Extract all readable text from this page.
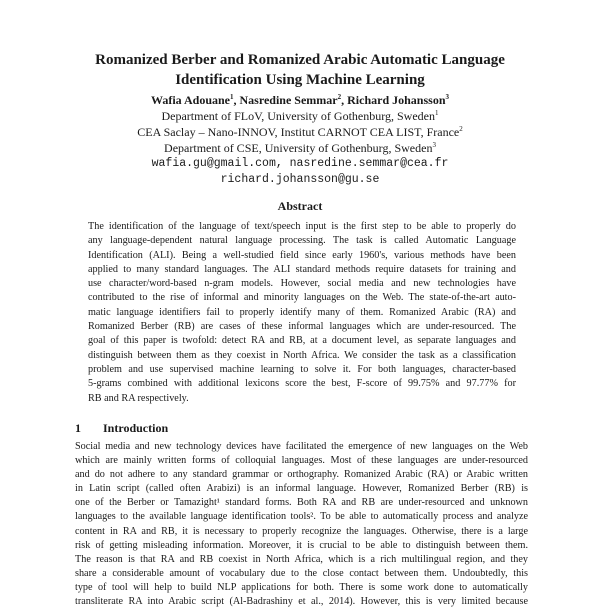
Romanized Berber and Romanized Arabic Automatic Language
Identification Using Machine Learning
Wafia Adouane$^1$, Nasredine Semmar$^2$, Richard Johansson$^3$
Department of FLoV, University of Gothenburg, Sweden$^1$
CEA Saclay – Nano-INNOV, Institut CARNOT CEA LIST, France$^2$
Department of CSE, University of Gothenburg, Sweden$^3$
wafia.gu@gmail.com, nasredine.semmar@cea.fr
richard.johansson@gu.se
Abstract
The identification of the language of text/speech input is the first step to be able to properly do
any language-dependent natural language processing. The task is called Automatic Language
Identification (ALI). Being a well-studied field since early 1960's, various methods have been
applied to many standard languages. The ALI standard methods require datasets for training and
use character/word-based n-gram models. However, social media and new technologies have
contributed to the rise of informal and minority languages on the Web. The state-of-the-art auto-
matic language identifiers fail to properly identify many of them. Romanized Arabic (RA) and
Romanized Berber (RB) are cases of these informal languages which are under-resourced. The
goal of this paper is twofold: detect RA and RB, at a document level, as separate languages and
distinguish between them as they coexist in North Africa. We consider the task as a classification
problem and use supervised machine learning to solve it. For both languages, character-based
5-grams combined with additional lexicons score the best, F-score of 99.75% and 97.77% for
RB and RA respectively.
1 Introduction
Social media and new technology devices have facilitated the emergence of new languages on the Web
which are mainly written forms of colloquial languages. Most of these languages are under-resourced
and do not adhere to any standard grammar or orthography. Romanized Arabic (RA) or Arabic written
in Latin script (called often Arabizi) is an informal language. However, Romanized Berber (RB) is
one of the Berber or Tamazight¹ standard forms. Both RA and RB are under-resourced and unknown
languages to the available language identification tools². To be able to automatically process and analyze
content in RA and RB, it is necessary to properly recognize the languages. Otherwise, there is a large
risk of getting misleading information. Moreover, it is crucial to be able to distinguish between them.
The reason is that RA and RB coexist in North Africa, which is a rich multilingual region, and they
share a considerable amount of vocabulary due to the close contact between them. Undoubtedly, this
type of tool will help to build NLP applications for both. There is some work done to automatically
transliterate RA into Arabic script (Al-Badrashiny et al., 2014). However, this is very limited because
